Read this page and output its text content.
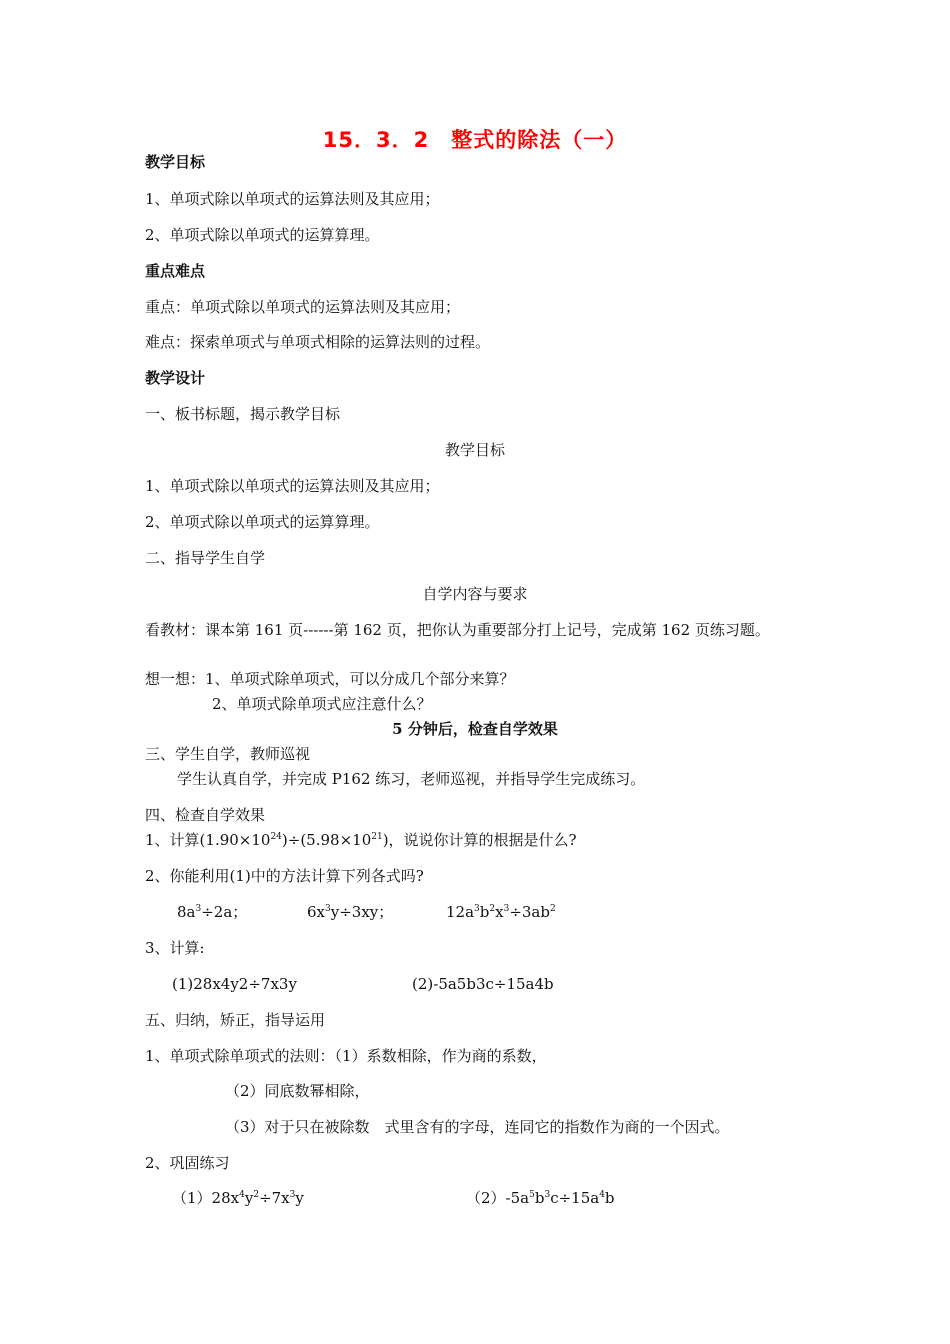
15．3．2　整式的除法（一）
教学目标
1、单项式除以单项式的运算法则及其应用；
2、单项式除以单项式的运算算理。
重点难点
重点：单项式除以单项式的运算法则及其应用；
难点：探索单项式与单项式相除的运算法则的过程。
教学设计
一、板书标题，揭示教学目标
教学目标
1、单项式除以单项式的运算法则及其应用；
2、单项式除以单项式的运算算理。
二、指导学生自学
自学内容与要求
看教材：课本第 161 页------第 162 页，把你认为重要部分打上记号，完成第 162 页练习题。
想一想：1、单项式除单项式，可以分成几个部分来算？
2、单项式除单项式应注意什么？
5 分钟后，检查自学效果
三、学生自学，教师巡视
学生认真自学，并完成 P162 练习，老师巡视，并指导学生完成练习。
四、检查自学效果
1、计算$(1.90\times 10^{24})\div(5.98\times 10^{21})$，说说你计算的根据是什么?
2、你能利用(1)中的方法计算下列各式吗?
$8a^3\div 2a$；	$6x^3y\div 3xy$；	$12a^3b^2x^3\div 3ab^2$
3、计算:
(1)28x4y2÷7x3y	(2)-5a5b3c÷15a4b
五、归纳，矫正，指导运用
1、单项式除单项式的法则：（1）系数相除，作为商的系数，
（2）同底数幂相除，
（3）对于只在被除数　式里含有的字母，连同它的指数作为商的一个因式。
2、巩固练习
$(1)28x^4y^2\div 7x^3y$	$(2)-5a^5b^3c\div 15a^4b$
